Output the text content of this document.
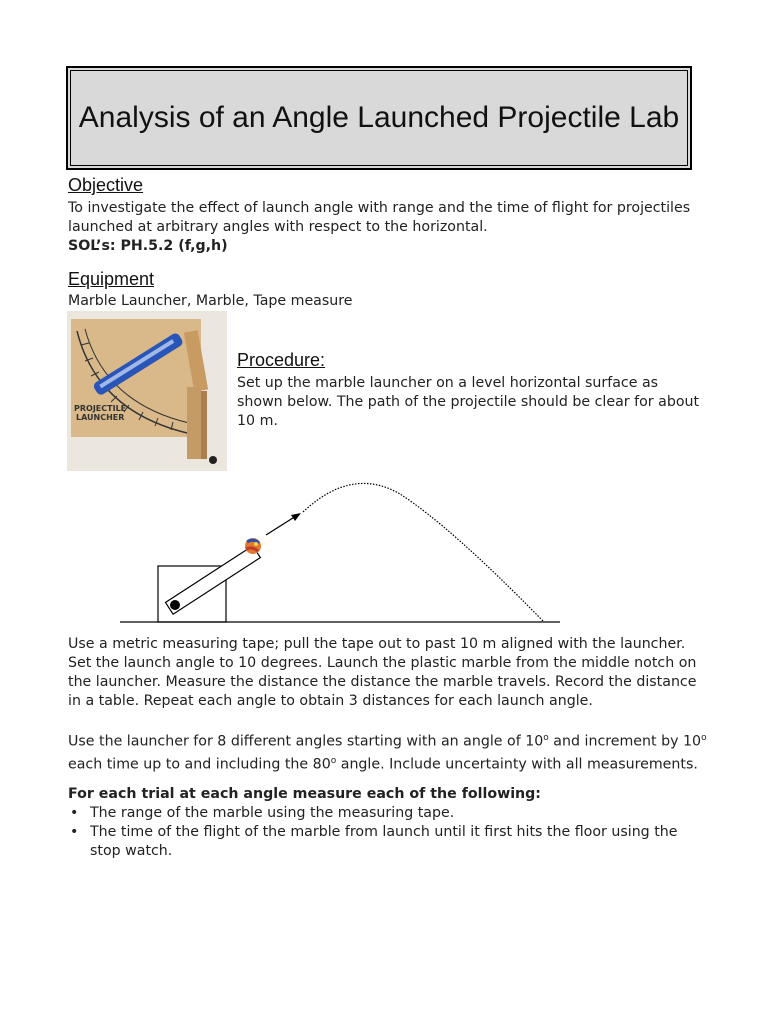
Analysis of an Angle Launched Projectile Lab
Objective

To investigate the effect of launch angle with range and the time of flight for projectiles launched at arbitrary angles with respect to the horizontal.

SOL’s: PH.5.2 (f,g,h)

Equipment

Marble Launcher, Marble, Tape measure

PROJECTILE
LAUNCHER
Procedure:

Set up the marble launcher on a level horizontal surface as shown below. The path of the projectile should be clear for about 10 m.

Use a metric measuring tape; pull the tape out to past 10 m aligned with the launcher. Set the launch angle to 10 degrees. Launch the plastic marble from the middle notch on the launcher. Measure the distance the distance the marble travels. Record the distance in a table. Repeat each angle to obtain 3 distances for each launch angle.

Use the launcher for 8 different angles starting with an angle of 10$^o$ and increment by 10$^o$ each time up to and including the 80$^o$ angle. Include uncertainty with all measurements.

For each trial at each angle measure each of the following:

• The range of the marble using the measuring tape.
• The time of the flight of the marble from launch until it first hits the floor using the stop watch.
